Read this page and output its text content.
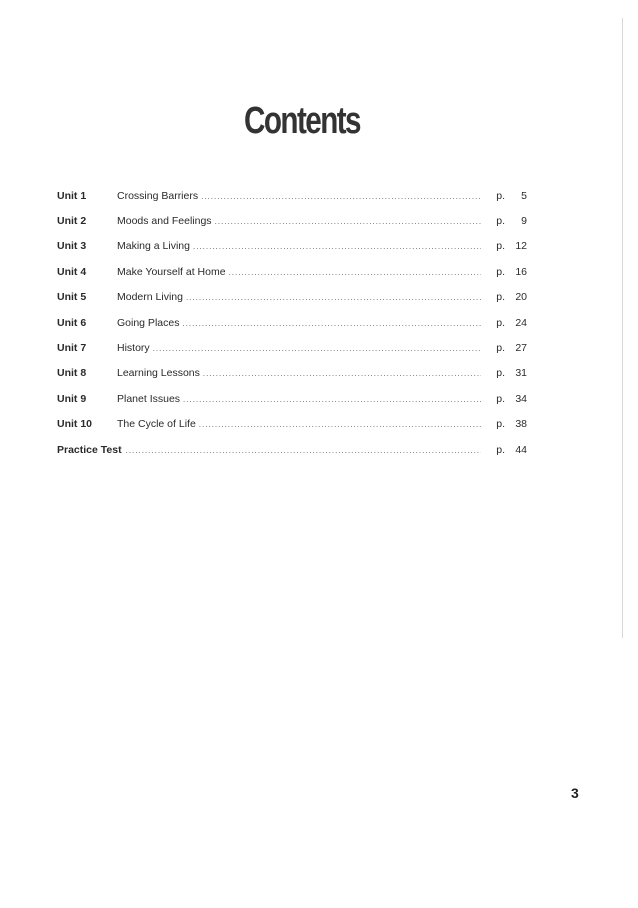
Contents
Unit 1	Crossing Barriers .....	p.	5
Unit 2	Moods and Feelings .....	p.	9
Unit 3	Making a Living .....	p. 12
Unit 4	Make Yourself at Home .....	p. 16
Unit 5	Modern Living .....	p. 20
Unit 6	Going Places .....	p. 24
Unit 7	History .....	p. 27
Unit 8	Learning Lessons .....	p. 31
Unit 9	Planet Issues .....	p. 34
Unit 10	The Cycle of Life .....	p. 38
Practice Test .....	p. 44
3
